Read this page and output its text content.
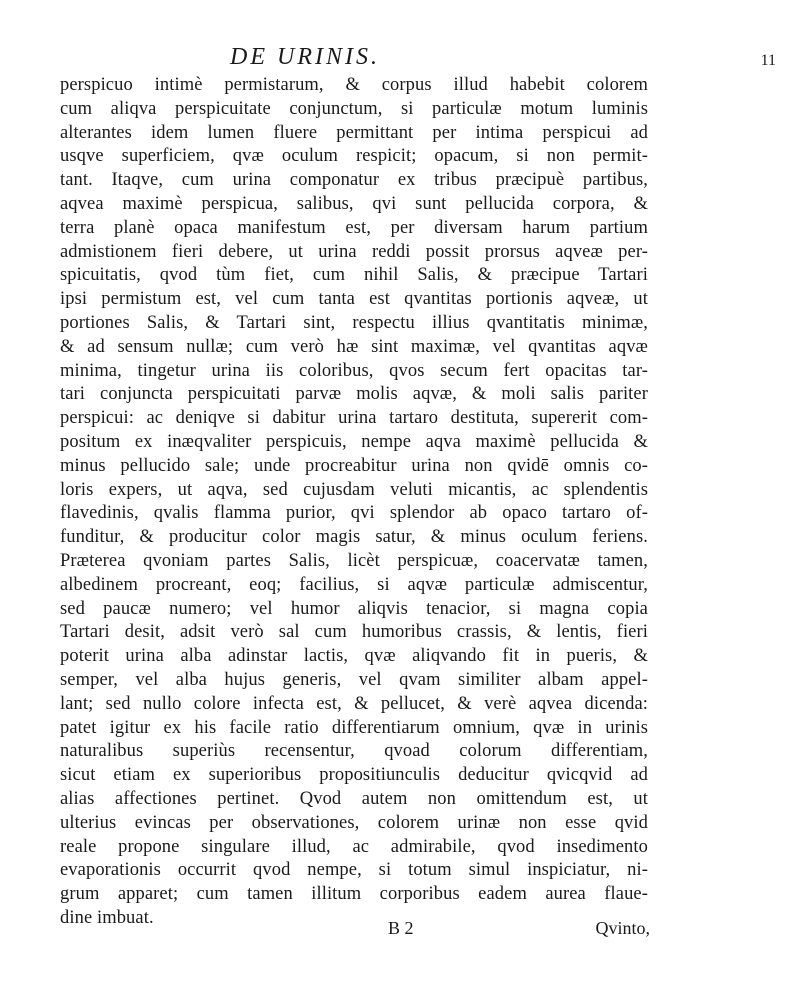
DE URINIS.	11
perspicuo intimè permistarum, & corpus illud habebit colorem
cum aliqva perspicuitate conjunctum, si particulæ motum luminis
alterantes idem lumen fluere permittant per intima perspicui ad
usqve superficiem, qvæ oculum respicit; opacum, si non permit-
tant. Itaqve, cum urina componatur ex tribus præcipuè partibus,
aqvea maximè perspicua, salibus, qvi sunt pellucida corpora, &
terra planè opaca manifestum est, per diversam harum partium
admistionem fieri debere, ut urina reddi possit prorsus aqveæ per-
spicuitatis, qvod tùm fiet, cum nihil Salis, & præcipue Tartari
ipsi permistum est, vel cum tanta est qvantitas portionis aqveæ, ut
portiones Salis, & Tartari sint, respectu illius qvantitatis minimæ,
& ad sensum nullæ; cum verò hæ sint maximæ, vel qvantitas aqvæ
minima, tingetur urina iis coloribus, qvos secum fert opacitas tar-
tari conjuncta perspicuitati parvæ molis aqvæ, & moli salis pariter
perspicui: ac deniqve si dabitur urina tartaro destituta, supererit com-
positum ex inæqvaliter perspicuis, nempe aqva maximè pellucida &
minus pellucido sale; unde procreabitur urina non qvidē omnis co-
loris expers, ut aqva, sed cujusdam veluti micantis, ac splendentis
flavedinis, qvalis flamma purior, qvi splendor ab opaco tartaro of-
funditur, & producitur color magis satur, & minus oculum feriens.
Præterea qvoniam partes Salis, licèt perspicuæ, coacervatæ tamen,
albedinem procreant, eoq; facilius, si aqvæ particulæ admiscentur,
sed paucæ numero; vel humor aliqvis tenacior, si magna copia
Tartari desit, adsit verò sal cum humoribus crassis, & lentis, fieri
poterit urina alba adinstar lactis, qvæ aliqvando fit in pueris, &
semper, vel alba hujus generis, vel qvam similiter albam appel-
lant; sed nullo colore infecta est, & pellucet, & verè aqvea dicenda:
patet igitur ex his facile ratio differentiarum omnium, qvæ in urinis
naturalibus superiùs recensentur, qvoad colorum differentiam,
sicut etiam ex superioribus propositiunculis deducitur qvicqvid ad
alias affectiones pertinet. Qvod autem non omittendum est, ut
ulterius evincas per observationes, colorem urinæ non esse qvid
reale propone singulare illud, ac admirabile, qvod insedimento
evaporationis occurrit qvod nempe, si totum simul inspiciatur, ni-
grum apparet; cum tamen illitum corporibus eadem aurea flaue-
dine imbuat.
B 2	Qvinto,
